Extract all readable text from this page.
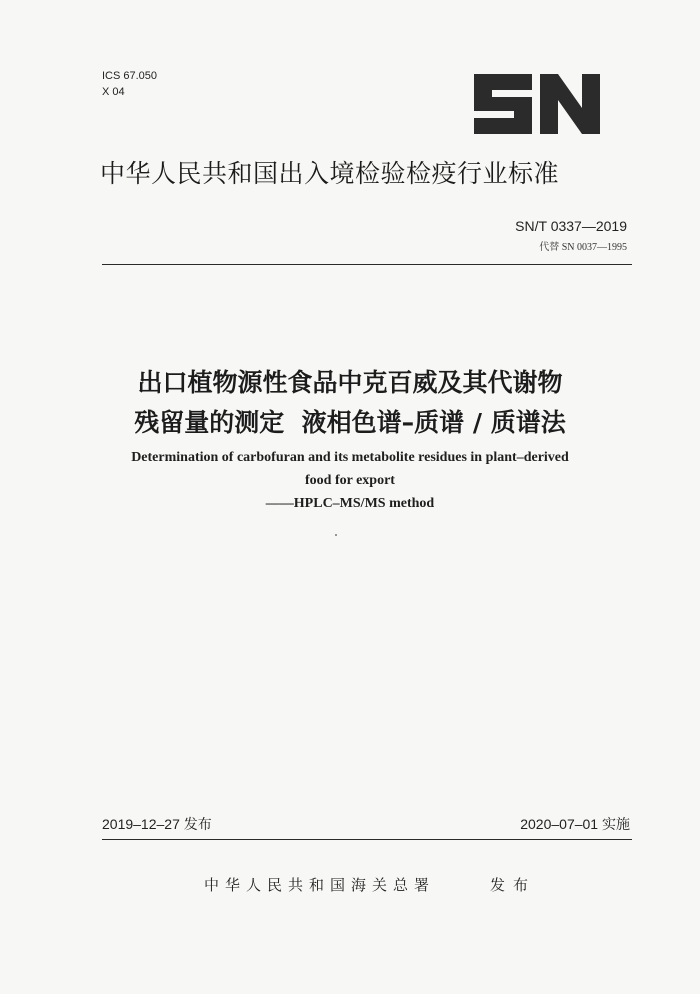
ICS 67.050
X 04
中华人民共和国出入境检验检疫行业标准
SN/T 0337—2019
代替 SN 0037—1995
出口植物源性食品中克百威及其代谢物
残留量的测定  液相色谱–质谱 / 质谱法
Determination of carbofuran and its metabolite residues in plant–derived
food for export
——HPLC–MS/MS method
2019–12–27 发布	2020–07–01 实施
中华人民共和国海关总署	发布
